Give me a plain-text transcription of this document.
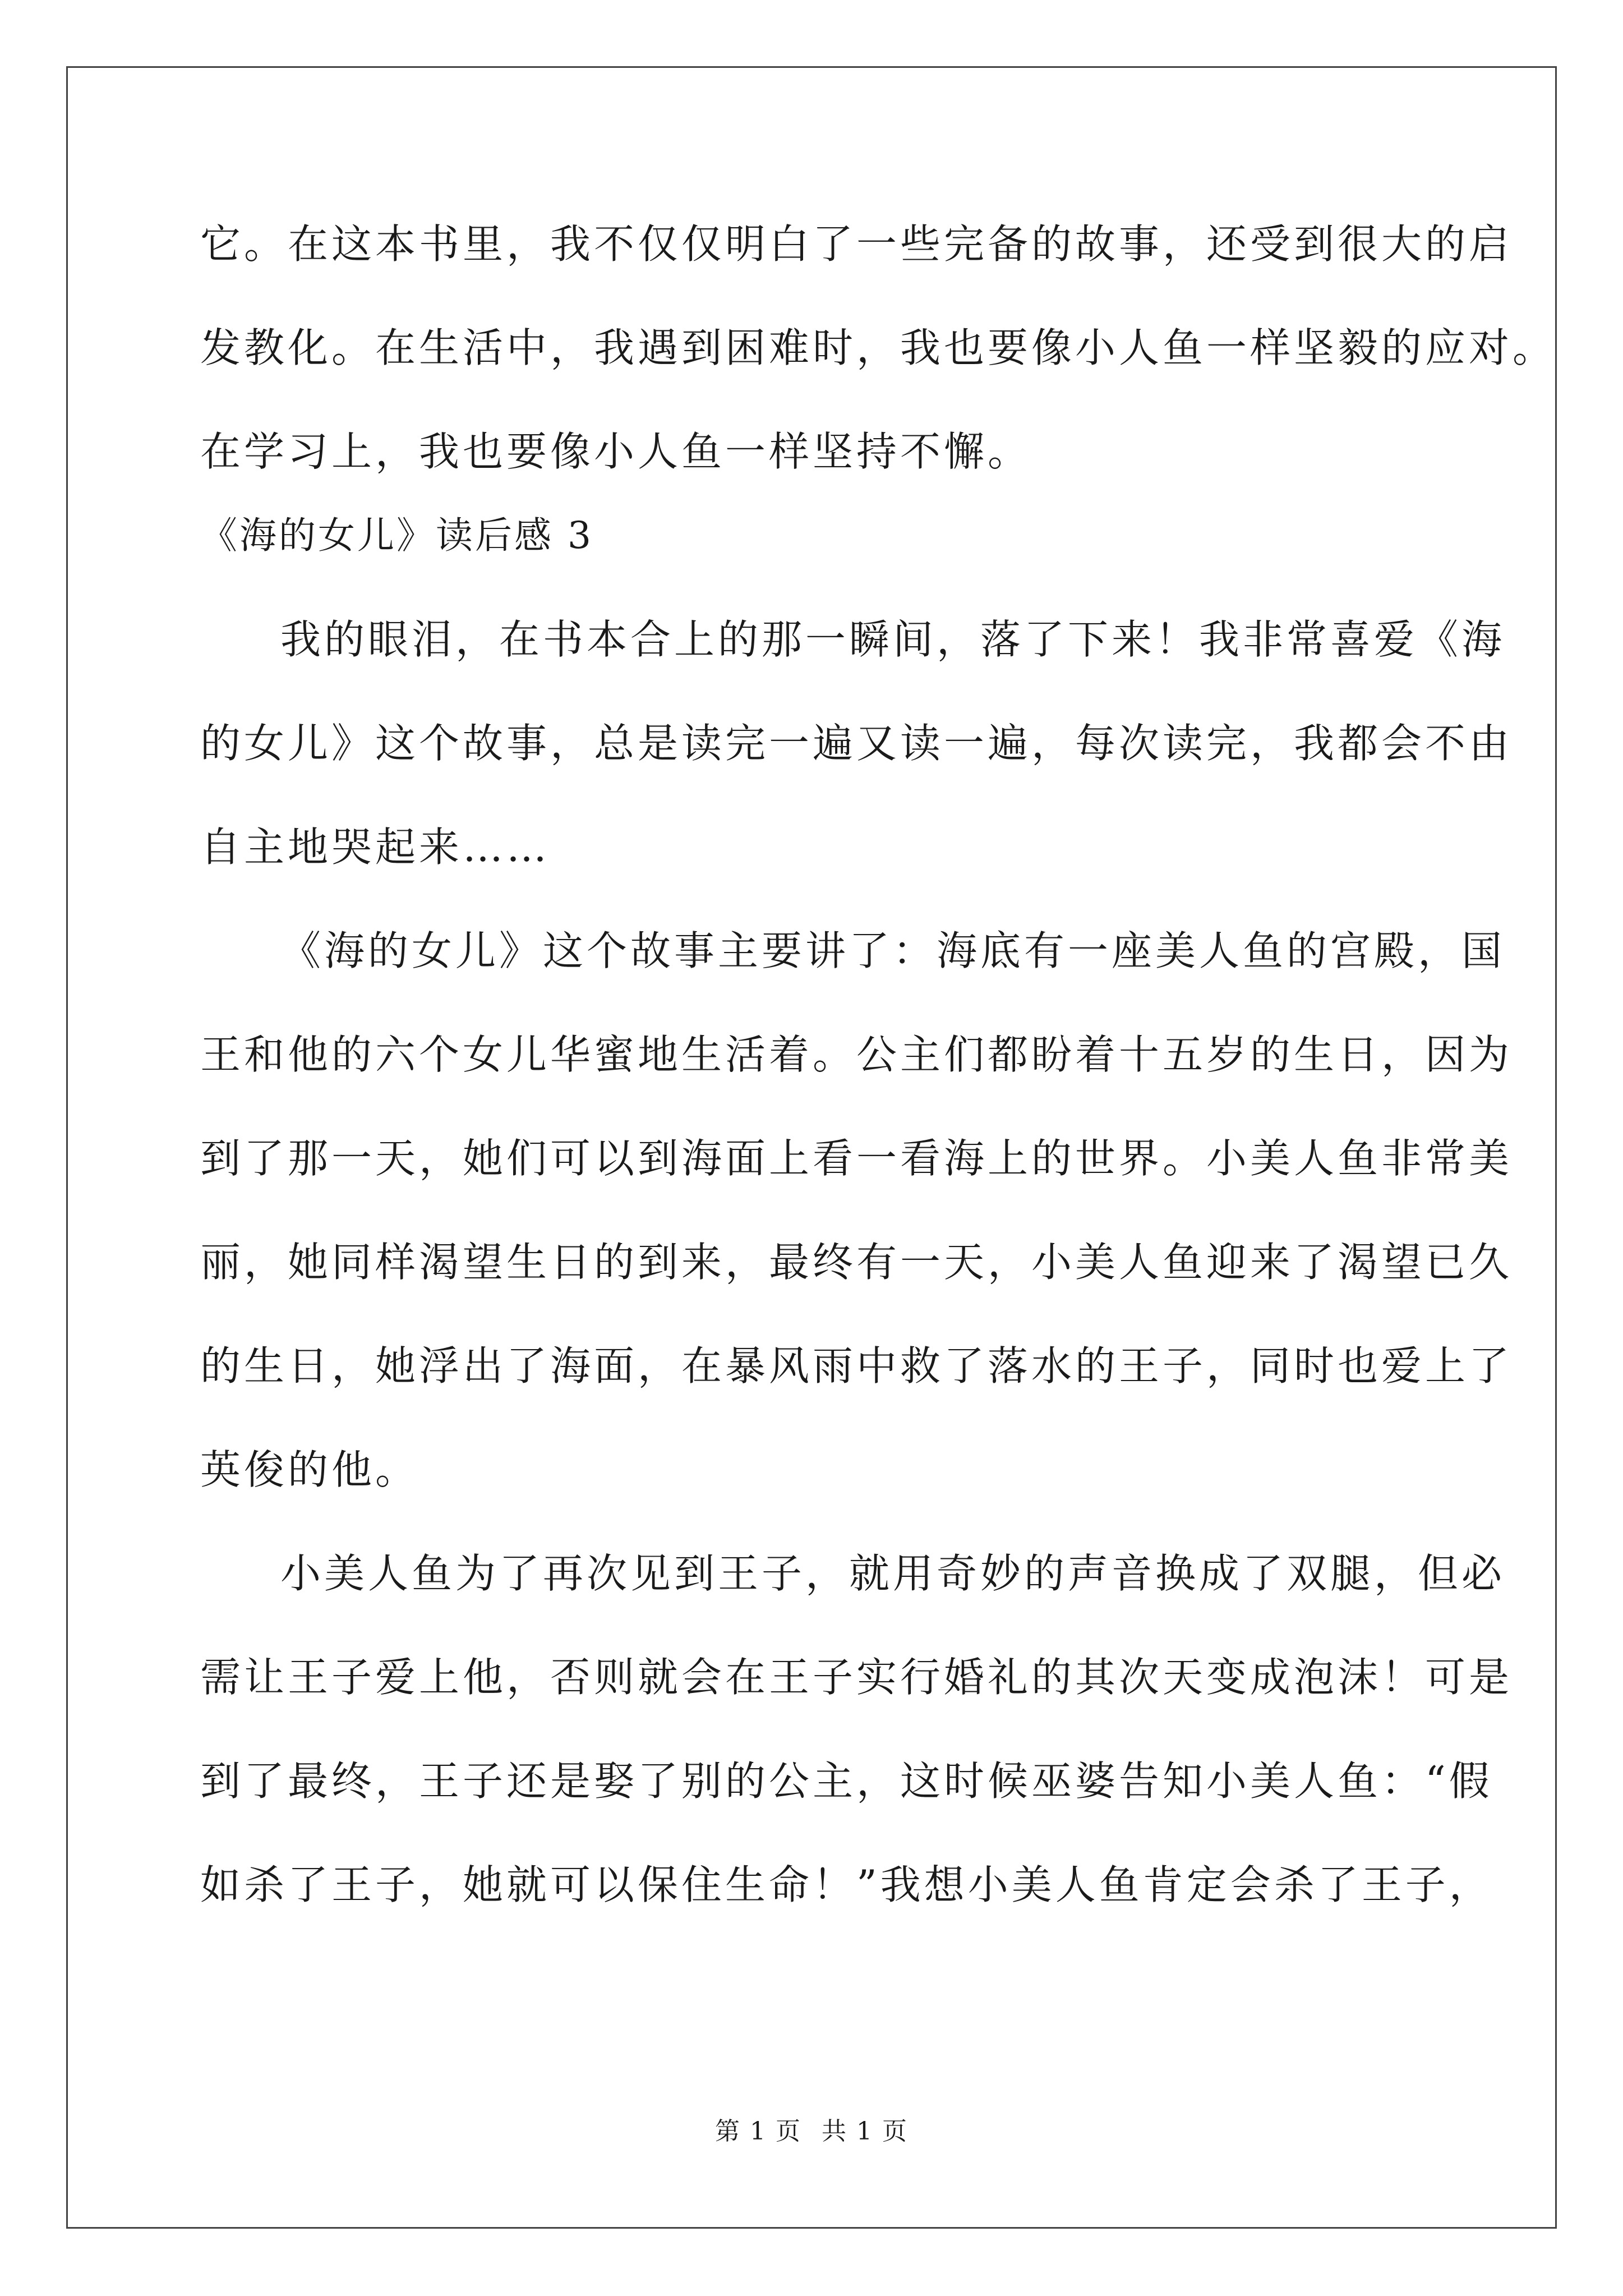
它。在这本书里，我不仅仅明白了一些完备的故事，还受到很大的启
发教化。在生活中，我遇到困难时，我也要像小人鱼一样坚毅的应对。
在学习上，我也要像小人鱼一样坚持不懈。
《海的女儿》读后感 3
我的眼泪，在书本合上的那一瞬间，落了下来！我非常喜爱《海
的女儿》这个故事，总是读完一遍又读一遍，每次读完，我都会不由
自主地哭起来……
《海的女儿》这个故事主要讲了：海底有一座美人鱼的宫殿，国
王和他的六个女儿华蜜地生活着。公主们都盼着十五岁的生日，因为
到了那一天，她们可以到海面上看一看海上的世界。小美人鱼非常美
丽，她同样渴望生日的到来，最终有一天，小美人鱼迎来了渴望已久
的生日，她浮出了海面，在暴风雨中救了落水的王子，同时也爱上了
英俊的他。
小美人鱼为了再次见到王子，就用奇妙的声音换成了双腿，但必
需让王子爱上他，否则就会在王子实行婚礼的其次天变成泡沫！可是
到了最终，王子还是娶了别的公主，这时候巫婆告知小美人鱼：“假
如杀了王子，她就可以保住生命！”我想小美人鱼肯定会杀了王子，
第 1 页 共 1 页
